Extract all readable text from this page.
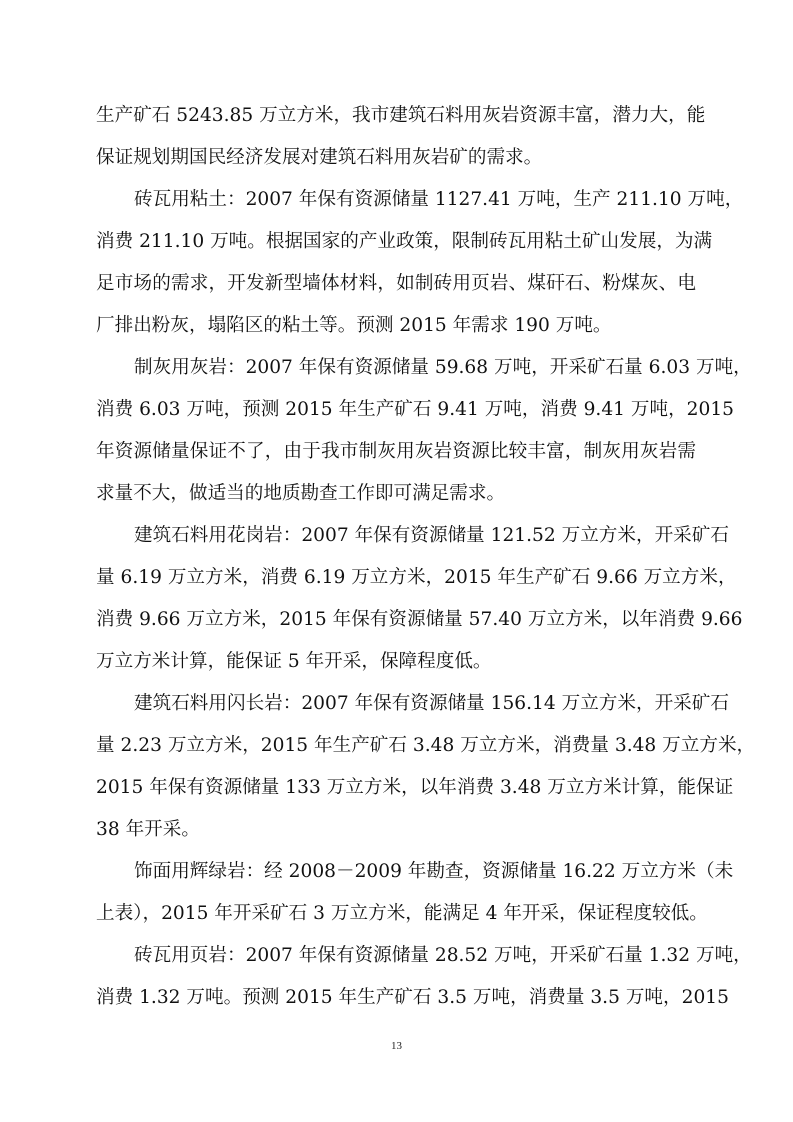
生产矿石 5243.85 万立方米，我市建筑石料用灰岩资源丰富，潜力大，能
保证规划期国民经济发展对建筑石料用灰岩矿的需求。
砖瓦用粘土：2007 年保有资源储量 1127.41 万吨，生产 211.10 万吨，
消费 211.10 万吨。根据国家的产业政策，限制砖瓦用粘土矿山发展，为满
足市场的需求，开发新型墙体材料，如制砖用页岩、煤矸石、粉煤灰、电
厂排出粉灰，塌陷区的粘土等。预测 2015 年需求 190 万吨。
制灰用灰岩：2007 年保有资源储量 59.68 万吨，开采矿石量 6.03 万吨，
消费 6.03 万吨，预测 2015 年生产矿石 9.41 万吨，消费 9.41 万吨，2015
年资源储量保证不了，由于我市制灰用灰岩资源比较丰富，制灰用灰岩需
求量不大，做适当的地质勘查工作即可满足需求。
建筑石料用花岗岩：2007 年保有资源储量 121.52 万立方米，开采矿石
量 6.19 万立方米，消费 6.19 万立方米，2015 年生产矿石 9.66 万立方米，
消费 9.66 万立方米，2015 年保有资源储量 57.40 万立方米，以年消费 9.66
万立方米计算，能保证 5 年开采，保障程度低。
建筑石料用闪长岩：2007 年保有资源储量 156.14 万立方米，开采矿石
量 2.23 万立方米，2015 年生产矿石 3.48 万立方米，消费量 3.48 万立方米，
2015 年保有资源储量 133 万立方米，以年消费 3.48 万立方米计算，能保证
38 年开采。
饰面用辉绿岩：经 2008－2009 年勘查，资源储量 16.22 万立方米（未
上表），2015 年开采矿石 3 万立方米，能满足 4 年开采，保证程度较低。
砖瓦用页岩：2007 年保有资源储量 28.52 万吨，开采矿石量 1.32 万吨，
消费 1.32 万吨。预测 2015 年生产矿石 3.5 万吨，消费量 3.5 万吨，2015
13
